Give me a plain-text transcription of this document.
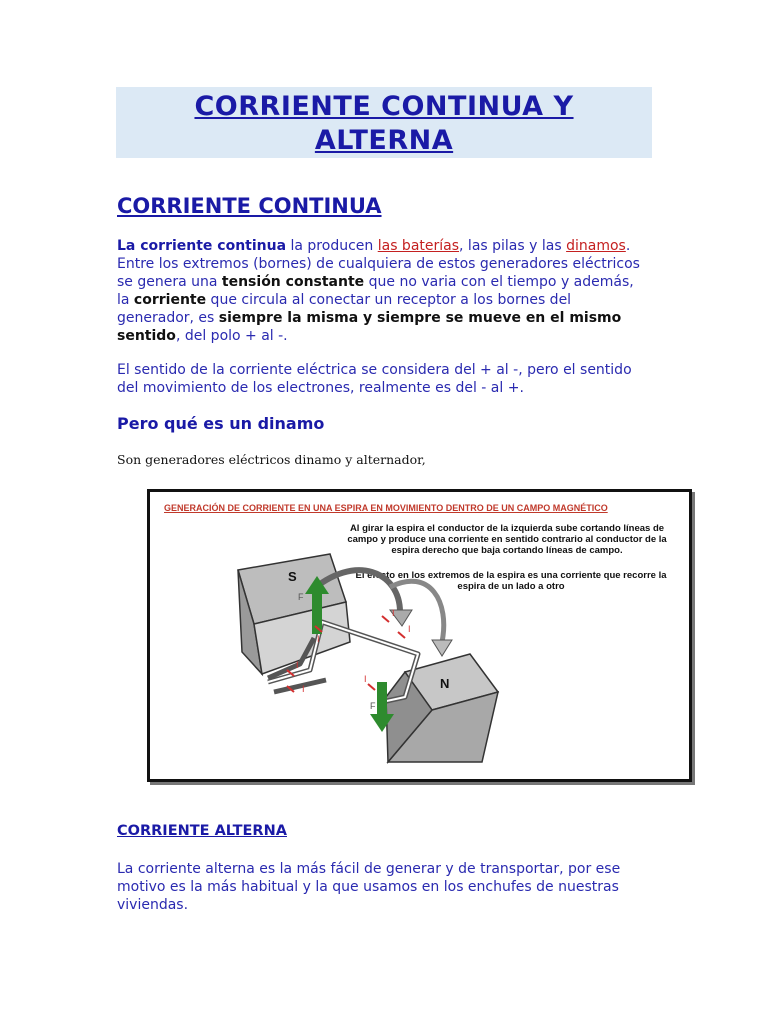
CORRIENTE CONTINUA Y
ALTERNA
CORRIENTE CONTINUA
La corriente continua la producen las baterías, las pilas y las dinamos. Entre los extremos (bornes) de cualquiera de estos generadores eléctricos se genera una tensión constante que no varia con el tiempo y además, la corriente que circula al conectar un receptor a los bornes del generador, es siempre la misma y siempre se mueve en el mismo sentido, del polo + al -.
El sentido de la corriente eléctrica se considera del + al -, pero el sentido del movimiento de los electrones, realmente es del - al +.
Pero qué es un dinamo
Son generadores eléctricos dinamo y alternador,
GENERACIÓN DE CORRIENTE EN UNA ESPIRA EN MOVIMIENTO DENTRO DE UN CAMPO MAGNÉTICO
Al girar la espira el conductor de la izquierda sube cortando líneas de campo y produce una corriente en sentido contrario al conductor de la espira derecho que baja cortando líneas de campo.
El efecto en los extremos de la espira es una corriente que recorre la espira de un lado a otro
S
N
F
F
I
I
I
I
I
I
CORRIENTE ALTERNA
La corriente alterna es la más fácil de generar y de transportar, por ese motivo es la más habitual y la que usamos en los enchufes de nuestras viviendas.
